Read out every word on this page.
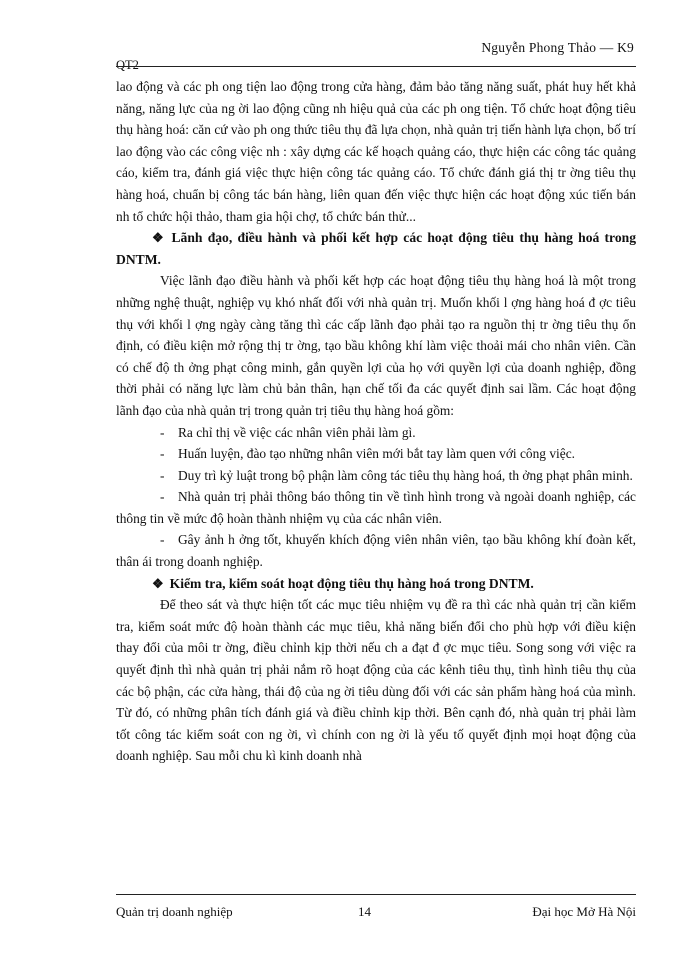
Nguyễn Phong Thảo — K9
QT2

lao động và các ph ong tiện lao động trong cửa hàng, đảm bảo tăng năng suất, phát huy hết khả năng, năng lực của ng ời lao động cũng nh hiệu quả của các ph ong tiện. Tổ chức hoạt động tiêu thụ hàng hoá: căn cứ vào ph ong thức tiêu thụ đã lựa chọn, nhà quản trị tiến hành lựa chọn, bố trí lao động vào các công việc nh : xây dựng các kế hoạch quảng cáo, thực hiện các công tác quảng cáo, kiểm tra, đánh giá việc thực hiện công tác quảng cáo. Tổ chức đánh giá thị tr ờng tiêu thụ hàng hoá, chuẩn bị công tác bán hàng, liên quan đến việc thực hiện các hoạt động xúc tiến bán nh tổ chức hội thảo, tham gia hội chợ, tổ chức bán thử...

❖ Lãnh đạo, điều hành và phối kết hợp các hoạt động tiêu thụ hàng hoá trong DNTM.

Việc lãnh đạo điều hành và phối kết hợp các hoạt động tiêu thụ hàng hoá là một trong những nghệ thuật, nghiệp vụ khó nhất đối với nhà quản trị. Muốn khối l ợng hàng hoá đ ợc tiêu thụ với khối l ợng ngày càng tăng thì các cấp lãnh đạo phải tạo ra nguồn thị tr ờng tiêu thụ ổn định, có điều kiện mở rộng thị tr ờng, tạo bầu không khí làm việc thoải mái cho nhân viên. Cần có chế độ th ởng phạt công minh, gắn quyền lợi của họ với quyền lợi của doanh nghiệp, đồng thời phải có năng lực làm chủ bản thân, hạn chế tối đa các quyết định sai lầm. Các hoạt động lãnh đạo của nhà quản trị trong quản trị tiêu thụ hàng hoá gồm:

- Ra chỉ thị về việc các nhân viên phải làm gì.

- Huấn luyện, đào tạo những nhân viên mới bắt tay làm quen với công việc.

- Duy trì kỷ luật trong bộ phận làm công tác tiêu thụ hàng hoá, th ởng phạt phân minh.

- Nhà quản trị phải thông báo thông tin về tình hình trong và ngoài doanh nghiệp, các thông tin về mức độ hoàn thành nhiệm vụ của các nhân viên.

- Gây ảnh h ởng tốt, khuyến khích động viên nhân viên, tạo bầu không khí đoàn kết, thân ái trong doanh nghiệp.

❖ Kiểm tra, kiểm soát hoạt động tiêu thụ hàng hoá trong DNTM.

Để theo sát và thực hiện tốt các mục tiêu nhiệm vụ đề ra thì các nhà quản trị cần kiểm tra, kiểm soát mức độ hoàn thành các mục tiêu, khả năng biến đổi cho phù hợp với điều kiện thay đổi của môi tr ờng, điều chỉnh kịp thời nếu ch a đạt đ ợc mục tiêu. Song song với việc ra quyết định thì nhà quản trị phải nắm rõ hoạt động của các kênh tiêu thụ, tình hình tiêu thụ của các bộ phận, các cửa hàng, thái độ của ng ời tiêu dùng đối với các sản phẩm hàng hoá của mình. Từ đó, có những phân tích đánh giá và điều chỉnh kịp thời. Bên cạnh đó, nhà quản trị phải làm tốt công tác kiểm soát con ng ời, vì chính con ng ời là yếu tố quyết định mọi hoạt động của doanh nghiệp. Sau mỗi chu kì kinh doanh nhà

Quản trị doanh nghiệp	14	Đại học Mở Hà Nội
